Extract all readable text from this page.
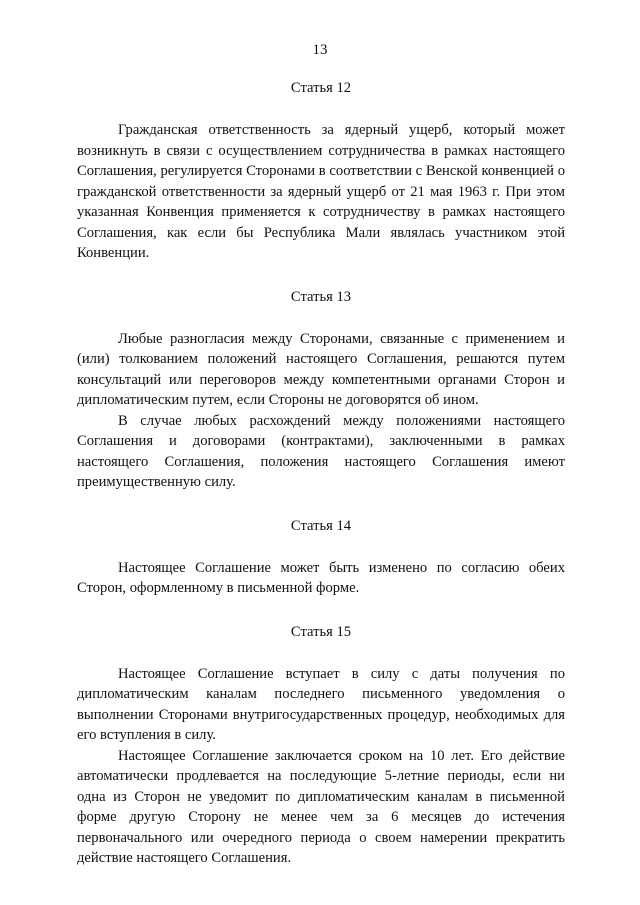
13
Статья 12

Гражданская ответственность за ядерный ущерб, который может возникнуть в связи с осуществлением сотрудничества в рамках настоящего Соглашения, регулируется Сторонами в соответствии с Венской конвенцией о гражданской ответственности за ядерный ущерб от 21 мая 1963 г. При этом указанная Конвенция применяется к сотрудничеству в рамках настоящего Соглашения, как если бы Республика Мали являлась участником этой Конвенции.

Статья 13

Любые разногласия между Сторонами, связанные с применением и (или) толкованием положений настоящего Соглашения, решаются путем консультаций или переговоров между компетентными органами Сторон и дипломатическим путем, если Стороны не договорятся об ином.

В случае любых расхождений между положениями настоящего Соглашения и договорами (контрактами), заключенными в рамках настоящего Соглашения, положения настоящего Соглашения имеют преимущественную силу.

Статья 14

Настоящее Соглашение может быть изменено по согласию обеих Сторон, оформленному в письменной форме.

Статья 15

Настоящее Соглашение вступает в силу с даты получения по дипломатическим каналам последнего письменного уведомления о выполнении Сторонами внутригосударственных процедур, необходимых для его вступления в силу.

Настоящее Соглашение заключается сроком на 10 лет. Его действие автоматически продлевается на последующие 5-летние периоды, если ни одна из Сторон не уведомит по дипломатическим каналам в письменной форме другую Сторону не менее чем за 6 месяцев до истечения первоначального или очередного периода о своем намерении прекратить действие настоящего Соглашения.
